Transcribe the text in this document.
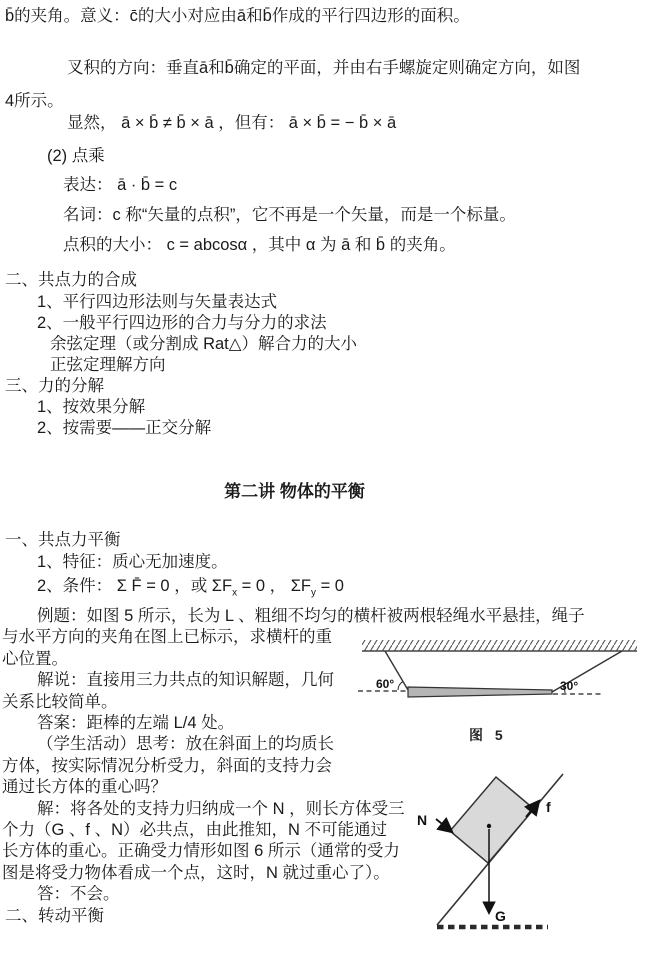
b̄的夹角。意义：c̄的大小对应由ā和b̄作成的平行四边形的面积。
叉积的方向：垂直ā和b̄确定的平面，并由右手螺旋定则确定方向，如图
4所示。
显然， ā × b̄ ≠ b̄ × ā ，但有： ā × b̄ = − b̄ × ā
(2) 点乘
表达： ā · b̄ = c
名词：c 称“矢量的点积”，它不再是一个矢量，而是一个标量。
点积的大小： c = abcosα ，其中 α 为 ā 和 b̄ 的夹角。
二、共点力的合成
1、平行四边形法则与矢量表达式
2、一般平行四边形的合力与分力的求法
余弦定理（或分割成 Rat△）解合力的大小
正弦定理解方向
三、力的分解
1、按效果分解
2、按需要——正交分解
第二讲 物体的平衡
一、共点力平衡
1、特征：质心无加速度。
2、条件： Σ F̄ = 0 ，或 $\Sigma F_x = 0$ ， $\Sigma F_y = 0$
例题：如图 5 所示，长为 L 、粗细不均匀的横杆被两根轻绳水平悬挂，绳子
与水平方向的夹角在图上已标示，求横杆的重
心位置。
解说：直接用三力共点的知识解题，几何
关系比较简单。
答案：距棒的左端 L/4 处。
（学生活动）思考：放在斜面上的均质长
方体，按实际情况分析受力，斜面的支持力会
通过长方体的重心吗？
解：将各处的支持力归纳成一个 N ，则长方体受三
个力（G 、f 、N）必共点，由此推知，N 不可能通过
长方体的重心。正确受力情形如图 6 所示（通常的受力
图是将受力物体看成一个点，这时，N 就过重心了）。
答：不会。
二、转动平衡
60°	30°
图 5
N
f
G
